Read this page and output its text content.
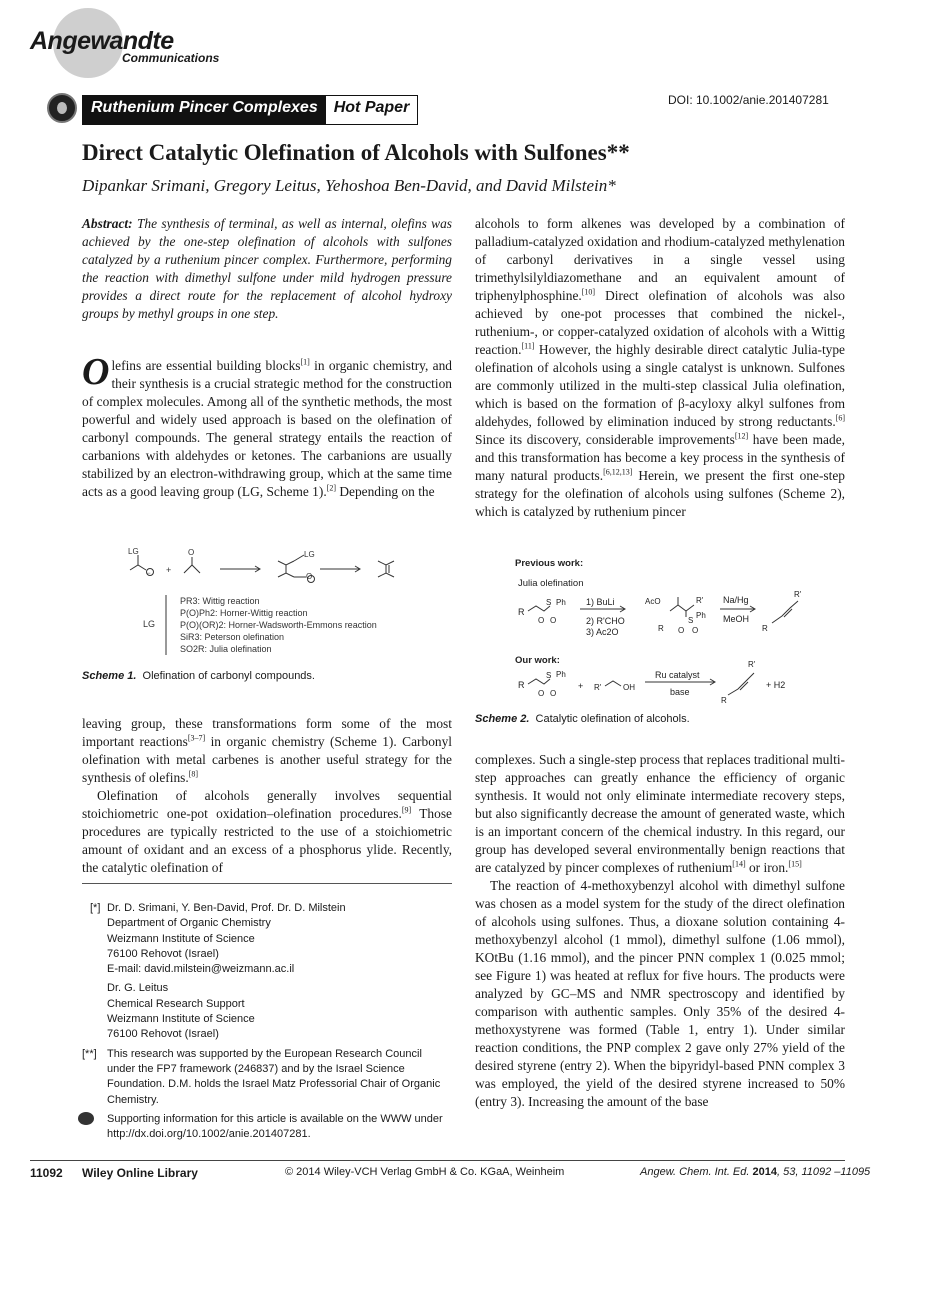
Angewandte
Communications
Ruthenium Pincer Complexes	Hot Paper	DOI: 10.1002/anie.201407281
Direct Catalytic Olefination of Alcohols with Sulfones**
Dipankar Srimani, Gregory Leitus, Yehoshoa Ben-David, and David Milstein*

Abstract: The synthesis of terminal, as well as internal, olefins was achieved by the one-step olefination of alcohols with sulfones catalyzed by a ruthenium pincer complex. Furthermore, performing the reaction with dimethyl sulfone under mild hydrogen pressure provides a direct route for the replacement of alcohol hydroxy groups by methyl groups in one step.

Olefins are essential building blocks[1] in organic chemistry, and their synthesis is a crucial strategic method for the construction of complex molecules. Among all of the synthetic methods, the most powerful and widely used approach is based on the olefination of carbonyl compounds. The general strategy entails the reaction of carbanions with aldehydes or ketones. The carbanions are usually stabilized by an electron-withdrawing group, which at the same time acts as a good leaving group (LG, Scheme 1).[2] Depending on the

LG
−
O
+
LG
O
LG
PR3: Wittig reaction
P(O)Ph2: Horner-Wittig reaction
P(O)(OR)2: Horner-Wadsworth-Emmons reaction
SiR3: Peterson olefination
SO2R: Julia olefination
Scheme 1. Olefination of carbonyl compounds.

leaving group, these transformations form some of the most important reactions[3–7] in organic chemistry (Scheme 1). Carbonyl olefination with metal carbenes is another useful strategy for the synthesis of olefins.[8]

Olefination of alcohols generally involves sequential stoichiometric one-pot oxidation–olefination procedures.[9] Those procedures are typically restricted to the use of a stoichiometric amount of oxidant and an excess of a phosphorus ylide. Recently, the catalytic olefination of

[*] Dr. D. Srimani, Y. Ben-David, Prof. Dr. D. Milstein
Department of Organic Chemistry
Weizmann Institute of Science
76100 Rehovot (Israel)
E-mail: david.milstein@weizmann.ac.il
Dr. G. Leitus
Chemical Research Support
Weizmann Institute of Science
76100 Rehovot (Israel)
[**] This research was supported by the European Research Council under the FP7 framework (246837) and by the Israel Science Foundation. D.M. holds the Israel Matz Professorial Chair of Organic Chemistry.
Supporting information for this article is available on the WWW under http://dx.doi.org/10.1002/anie.201407281.

alcohols to form alkenes was developed by a combination of palladium-catalyzed oxidation and rhodium-catalyzed methylenation of carbonyl derivatives in a single vessel using trimethylsilyldiazomethane and an equivalent amount of triphenylphosphine.[10] Direct olefination of alcohols was also achieved by one-pot processes that combined the nickel-, ruthenium-, or copper-catalyzed oxidation of alcohols with a Wittig reaction.[11] However, the highly desirable direct catalytic Julia-type olefination of alcohols using a single catalyst is unknown. Sulfones are commonly utilized in the multi-step classical Julia olefination, which is based on the formation of β-acyloxy alkyl sulfones from aldehydes, followed by elimination induced by strong reductants.[6] Since its discovery, considerable improvements[12] have been made, and this transformation has become a key process in the synthesis of many natural products.[6,12,13] Herein, we present the first one-step strategy for the olefination of alcohols using sulfones (Scheme 2), which is catalyzed by ruthenium pincer

Previous work:
Julia olefination
R
S Ph
O O
1) BuLi
2) R'CHO
3) Ac2O
AcO	R'
R
S
Ph
O O
Na/Hg
MeOH
R
R'
Our work:
R
S Ph
O O
+ R'	OH
Ru catalyst
base
R
R'
+ H2
Scheme 2. Catalytic olefination of alcohols.

complexes. Such a single-step process that replaces traditional multi-step approaches can greatly enhance the efficiency of organic synthesis. It would not only eliminate intermediate recovery steps, but also significantly decrease the amount of generated waste, which is an important concern of the chemical industry. In this regard, our group has developed several environmentally benign reactions that are catalyzed by pincer complexes of ruthenium[14] or iron.[15]

The reaction of 4-methoxybenzyl alcohol with dimethyl sulfone was chosen as a model system for the study of the direct olefination of alcohols using sulfones. Thus, a dioxane solution containing 4-methoxybenzyl alcohol (1 mmol), dimethyl sulfone (1.06 mmol), KOtBu (1.16 mmol), and the pincer PNN complex 1 (0.025 mmol; see Figure 1) was heated at reflux for five hours. The products were analyzed by GC–MS and NMR spectroscopy and identified by comparison with authentic samples. Only 35% of the desired 4-methoxystyrene was formed (Table 1, entry 1). Under similar reaction conditions, the PNP complex 2 gave only 27% yield of the desired styrene (entry 2). When the bipyridyl-based PNN complex 3 was employed, the yield of the desired styrene increased to 50% (entry 3). Increasing the amount of the base

11092 Wiley Online Library	© 2014 Wiley-VCH Verlag GmbH & Co. KGaA, Weinheim	Angew. Chem. Int. Ed. 2014, 53, 11092 –11095
